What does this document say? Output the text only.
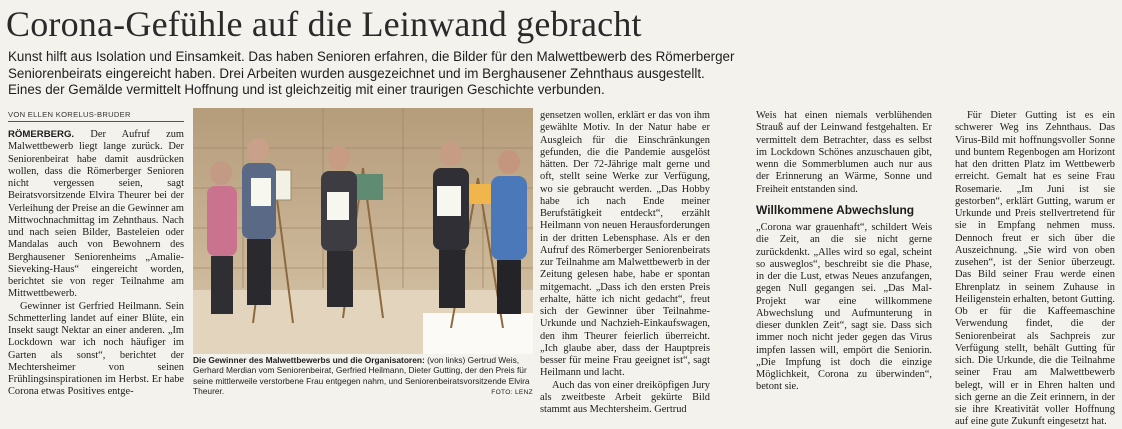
Corona-Gefühle auf die Leinwand gebracht

Kunst hilft aus Isolation und Einsamkeit. Das haben Senioren erfahren, die Bilder für den Malwettbewerb des Römerberger

Seniorenbeirats eingereicht haben. Drei Arbeiten wurden ausgezeichnet und im Berghausener Zehnthaus ausgestellt.

Eines der Gemälde vermittelt Hoffnung und ist gleichzeitig mit einer traurigen Geschichte verbunden.

VON ELLEN KORELUS-BRUDER

RÖMERBERG. Der Aufruf zum Malwettbewerb liegt lange zurück. Der Seniorenbeirat habe damit ausdrücken wollen, dass die Römerberger Senioren nicht vergessen seien, sagt Beiratsvorsitzende Elvira Theurer bei der Verleihung der Preise an die Gewinner am Mittwochnachmittag im Zehnthaus. Nach und nach seien Bilder, Basteleien oder Mandalas auch von Bewohnern des Berghausener Seniorenheims „Amalie-Sieveking-Haus“ eingereicht worden, berichtet sie von reger Teilnahme am Mittwettbewerb.

Gewinner ist Gerfried Heilmann. Sein Schmetterling landet auf einer Blüte, ein Insekt saugt Nektar an einer anderen. „Im Lockdown war ich noch häufiger im Garten als sonst“, berichtet der Mechtersheimer von seinen Frühlingsinspirationen im Herbst. Er habe Corona etwas Positives entge-

Die Gewinner des Malwettbewerbs und die Organisatoren: (von links) Gertrud Weis, Gerhard Merdian vom Seniorenbeirat, Gerfried Heilmann, Dieter Gutting, der den Preis für seine mittlerweile verstorbene Frau entgegen nahm, und Seniorenbeiratsvorsitzende Elvira Theurer.	FOTO: LENZ

gensetzen wollen, erklärt er das von ihm gewählte Motiv. In der Natur habe er Ausgleich für die Einschränkungen gefunden, die die Pandemie ausgelöst hätten. Der 72-Jährige malt gerne und oft, stellt seine Werke zur Verfügung, wo sie gebraucht werden. „Das Hobby habe ich nach Ende meiner Berufstätigkeit entdeckt“, erzählt Heilmann von neuen Herausforderungen in der dritten Lebensphase. Als er den Aufruf des Römerberger Seniorenbeirats zur Teilnahme am Malwettbewerb in der Zeitung gelesen habe, habe er spontan mitgemacht. „Dass ich den ersten Preis erhalte, hätte ich nicht gedacht“, freut sich der Gewinner über Teilnahme-Urkunde und Nachzieh-Einkaufswagen, den ihm Theurer feierlich überreicht. „Ich glaube aber, dass der Hauptpreis besser für meine Frau geeignet ist“, sagt Heilmann und lacht.

Auch das von einer dreiköpfigen Jury als zweitbeste Arbeit gekürte Bild stammt aus Mechtersheim. Gertrud

Weis hat einen niemals verblühenden Strauß auf der Leinwand festgehalten. Er vermittelt dem Betrachter, dass es selbst im Lockdown Schönes anzuschauen gibt, wenn die Sommerblumen auch nur aus der Erinnerung an Wärme, Sonne und Freiheit entstanden sind.

Willkommene Abwechslung

„Corona war grauenhaft“, schildert Weis die Zeit, an die sie nicht gerne zurückdenkt. „Alles wird so egal, scheint so ausweglos“, beschreibt sie die Phase, in der die Lust, etwas Neues anzufangen, gegen Null gegangen sei. „Das Mal-Projekt war eine willkommene Abwechslung und Aufmunterung in dieser dunklen Zeit“, sagt sie. Dass sich immer noch nicht jeder gegen das Virus impfen lassen will, empört die Seniorin. „Die Impfung ist doch die einzige Möglichkeit, Corona zu überwinden“, betont sie.

Für Dieter Gutting ist es ein schwerer Weg ins Zehnthaus. Das Virus-Bild mit hoffnungsvoller Sonne und buntem Regenbogen am Horizont hat den dritten Platz im Wettbewerb erreicht. Gemalt hat es seine Frau Rosemarie. „Im Juni ist sie gestorben“, erklärt Gutting, warum er Urkunde und Preis stellvertretend für sie in Empfang nehmen muss. Dennoch freut er sich über die Auszeichnung. „Sie wird von oben zusehen“, ist der Senior überzeugt. Das Bild seiner Frau werde einen Ehrenplatz in seinem Zuhause in Heiligenstein erhalten, betont Gutting. Ob er für die Kaffeemaschine Verwendung findet, die der Seniorenbeirat als Sachpreis zur Verfügung stellt, behält Gutting für sich. Die Urkunde, die die Teilnahme seiner Frau am Malwettbewerb belegt, will er in Ehren halten und sich gerne an die Zeit erinnern, in der sie ihre Kreativität voller Hoffnung auf eine gute Zukunft eingesetzt hat.
